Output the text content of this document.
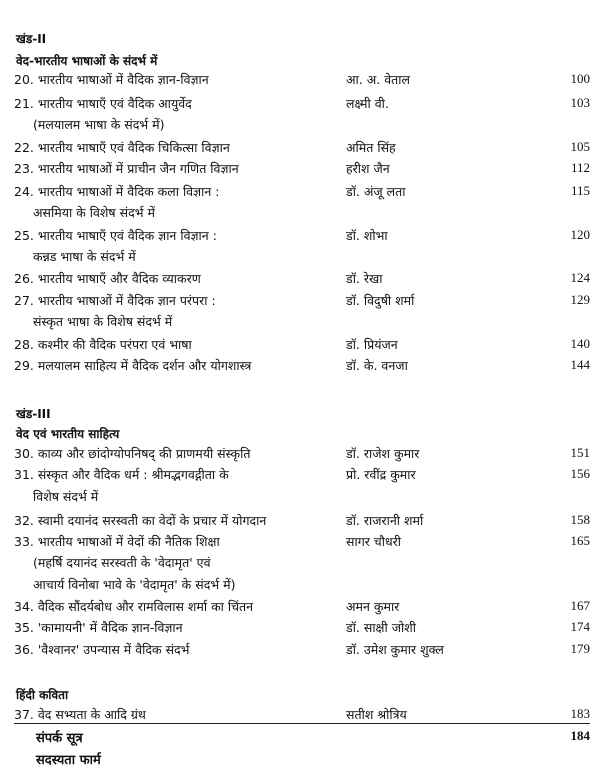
खंड-II
वेद-भारतीय भाषाओं के संदर्भ में
20. भारतीय भाषाओं में वैदिक ज्ञान-विज्ञान	आ. अ. वेताल	100
21. भारतीय भाषाएँ एवं वैदिक आयुर्वेद	लक्ष्मी वी.	103
(मलयालम भाषा के संदर्भ में)
22. भारतीय भाषाएँ एवं वैदिक चिकित्सा विज्ञान	अमित सिंह	105
23. भारतीय भाषाओं में प्राचीन जैन गणित विज्ञान	हरीश जैन	112
24. भारतीय भाषाओं में वैदिक कला विज्ञान :	डॉ. अंजू लता	115
असमिया के विशेष संदर्भ में
25. भारतीय भाषाएँ एवं वैदिक ज्ञान विज्ञान :	डॉ. शोभा	120
कन्नड भाषा के संदर्भ में
26. भारतीय भाषाएँ और वैदिक व्याकरण	डॉ. रेखा	124
27. भारतीय भाषाओं में वैदिक ज्ञान परंपरा :	डॉ. विदुषी शर्मा	129
संस्कृत भाषा के विशेष संदर्भ में
28. कश्मीर की वैदिक परंपरा एवं भाषा	डॉ. प्रियंजन	140
29. मलयालम साहित्य में वैदिक दर्शन और योगशास्त्र	डॉ. के. वनजा	144
खंड-III
वेद एवं भारतीय साहित्य
30. काव्य और छांदोग्योपनिषद् की प्राणमयी संस्कृति	डॉ. राजेश कुमार	151
31. संस्कृत और वैदिक धर्म : श्रीमद्भगवद्गीता के	प्रो. रवींद्र कुमार	156
विशेष संदर्भ में
32. स्वामी दयानंद सरस्वती का वेदों के प्रचार में योगदान	डॉ. राजरानी शर्मा	158
33. भारतीय भाषाओं में वेदों की नैतिक शिक्षा	सागर चौधरी	165
(महर्षि दयानंद सरस्वती के 'वेदामृत' एवं
आचार्य विनोबा भावे के 'वेदामृत' के संदर्भ में)
34. वैदिक सौंदर्यबोध और रामविलास शर्मा का चिंतन	अमन कुमार	167
35. 'कामायनी' में वैदिक ज्ञान-विज्ञान	डॉ. साक्षी जोशी	174
36. 'वैश्वानर' उपन्यास में वैदिक संदर्भ	डॉ. उमेश कुमार शुक्ल	179
हिंदी कविता
37. वेद सभ्यता के आदि ग्रंथ	सतीश श्रोत्रिय	183
संपर्क सूत्र	184
सदस्यता फार्म
